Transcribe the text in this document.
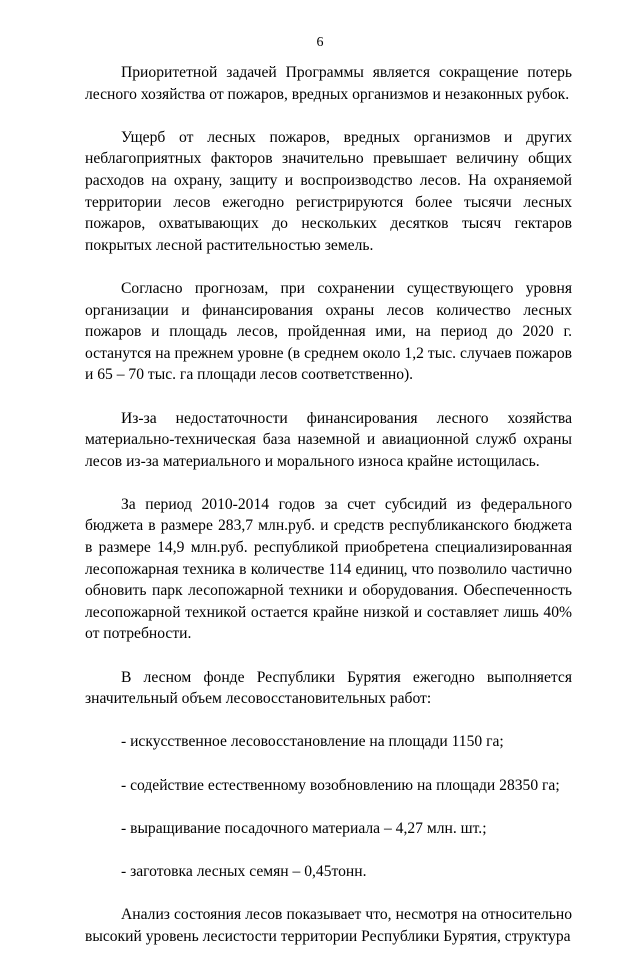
6

Приоритетной задачей Программы является сокращение потерь лесного хозяйства от пожаров, вредных организмов и незаконных рубок.

Ущерб от лесных пожаров, вредных организмов и других неблагоприятных факторов значительно превышает величину общих расходов на охрану, защиту и воспроизводство лесов. На охраняемой территории лесов ежегодно регистрируются более тысячи лесных пожаров, охватывающих до нескольких десятков тысяч гектаров покрытых лесной растительностью земель.

Согласно прогнозам, при сохранении существующего уровня организации и финансирования охраны лесов количество лесных пожаров и площадь лесов, пройденная ими, на период до 2020 г. останутся на прежнем уровне (в среднем около 1,2 тыс. случаев пожаров и 65 – 70 тыс. га площади лесов соответственно).

Из-за недостаточности финансирования лесного хозяйства материально-техническая база наземной и авиационной служб охраны лесов из-за материального и морального износа крайне истощилась.

За период 2010-2014 годов за счет субсидий из федерального бюджета в размере 283,7 млн.руб. и средств республиканского бюджета в размере 14,9 млн.руб. республикой приобретена специализированная лесопожарная техника в количестве 114 единиц, что позволило частично обновить парк лесопожарной техники и оборудования. Обеспеченность лесопожарной техникой остается крайне низкой и составляет лишь 40% от потребности.

В лесном фонде Республики Бурятия ежегодно выполняется значительный объем лесовосстановительных работ:

- искусственное лесовосстановление на площади 1150 га;

- содействие естественному возобновлению на площади 28350 га;

- выращивание посадочного материала – 4,27 млн. шт.;

- заготовка лесных семян – 0,45тонн.

Анализ состояния лесов показывает что, несмотря на относительно высокий уровень лесистости территории Республики Бурятия, структура
